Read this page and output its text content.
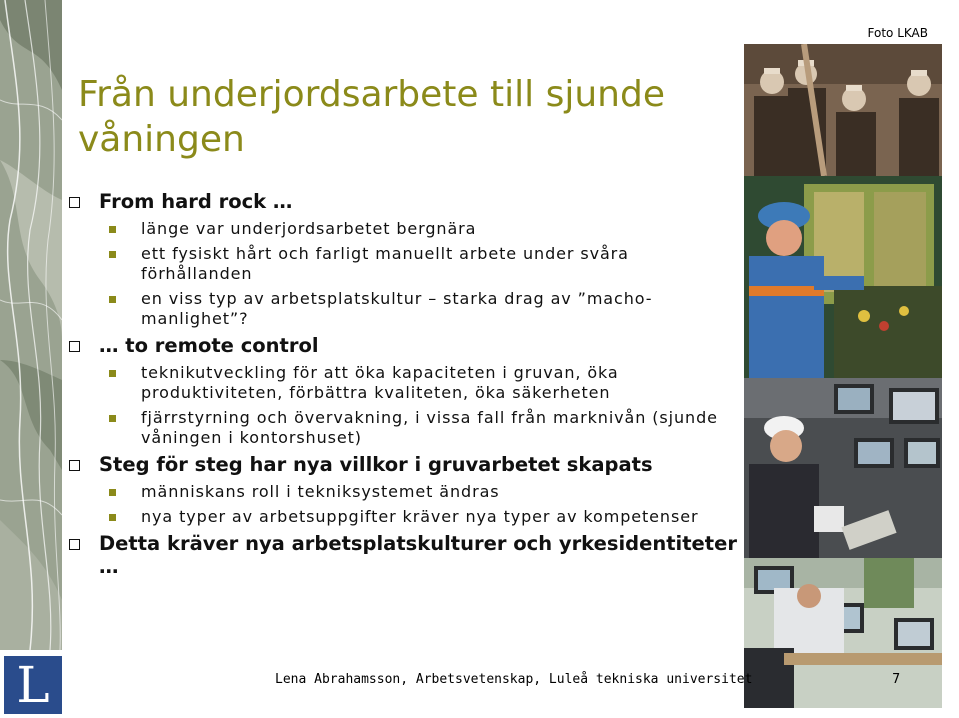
L
Från underjordsarbete till sjunde våningen
Foto LKAB
From hard rock …
länge var underjordsarbetet bergnära
ett fysiskt hårt och farligt manuellt arbete under svåra förhållanden
en viss typ av arbetsplatskultur – starka drag av ”macho-manlighet”?
… to remote control
teknikutveckling för att öka kapaciteten i gruvan, öka produktiviteten, förbättra kvaliteten, öka säkerheten
fjärrstyrning och övervakning, i vissa fall från marknivån (sjunde våningen i kontorshuset)
Steg för steg har nya villkor i gruvarbetet skapats
människans roll i tekniksystemet ändras
nya typer av arbetsuppgifter kräver nya typer av kompetenser
Detta kräver nya arbetsplatskulturer och yrkesidentiteter …
Lena Abrahamsson, Arbetsvetenskap, Luleå tekniska universitet	7
